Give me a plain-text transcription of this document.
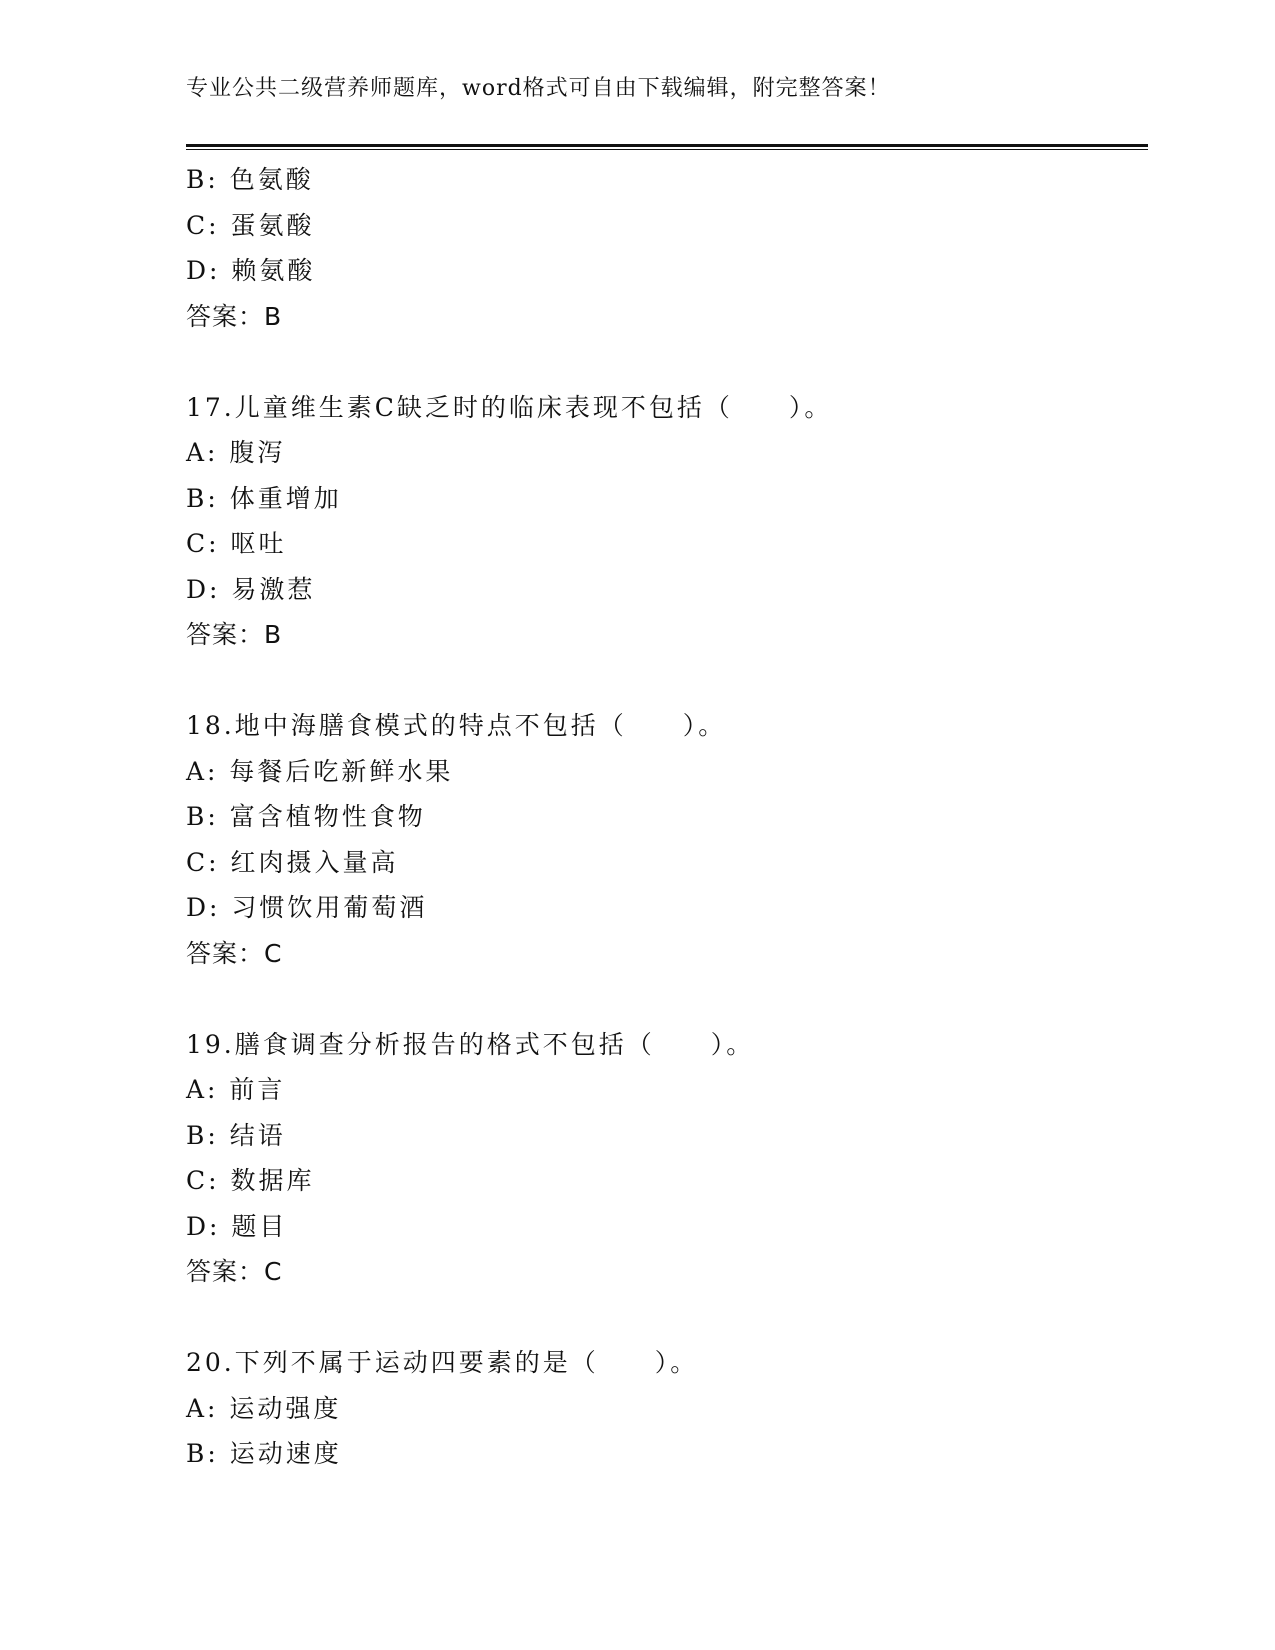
专业公共二级营养师题库，word格式可自由下载编辑，附完整答案！
B: 色氨酸
C: 蛋氨酸
D: 赖氨酸
答案：B
17.儿童维生素C缺乏时的临床表现不包括（　　）。
A: 腹泻
B: 体重增加
C: 呕吐
D: 易激惹
答案：B
18.地中海膳食模式的特点不包括（　　）。
A: 每餐后吃新鲜水果
B: 富含植物性食物
C: 红肉摄入量高
D: 习惯饮用葡萄酒
答案：C
19.膳食调查分析报告的格式不包括（　　）。
A: 前言
B: 结语
C: 数据库
D: 题目
答案：C
20.下列不属于运动四要素的是（　　）。
A: 运动强度
B: 运动速度
